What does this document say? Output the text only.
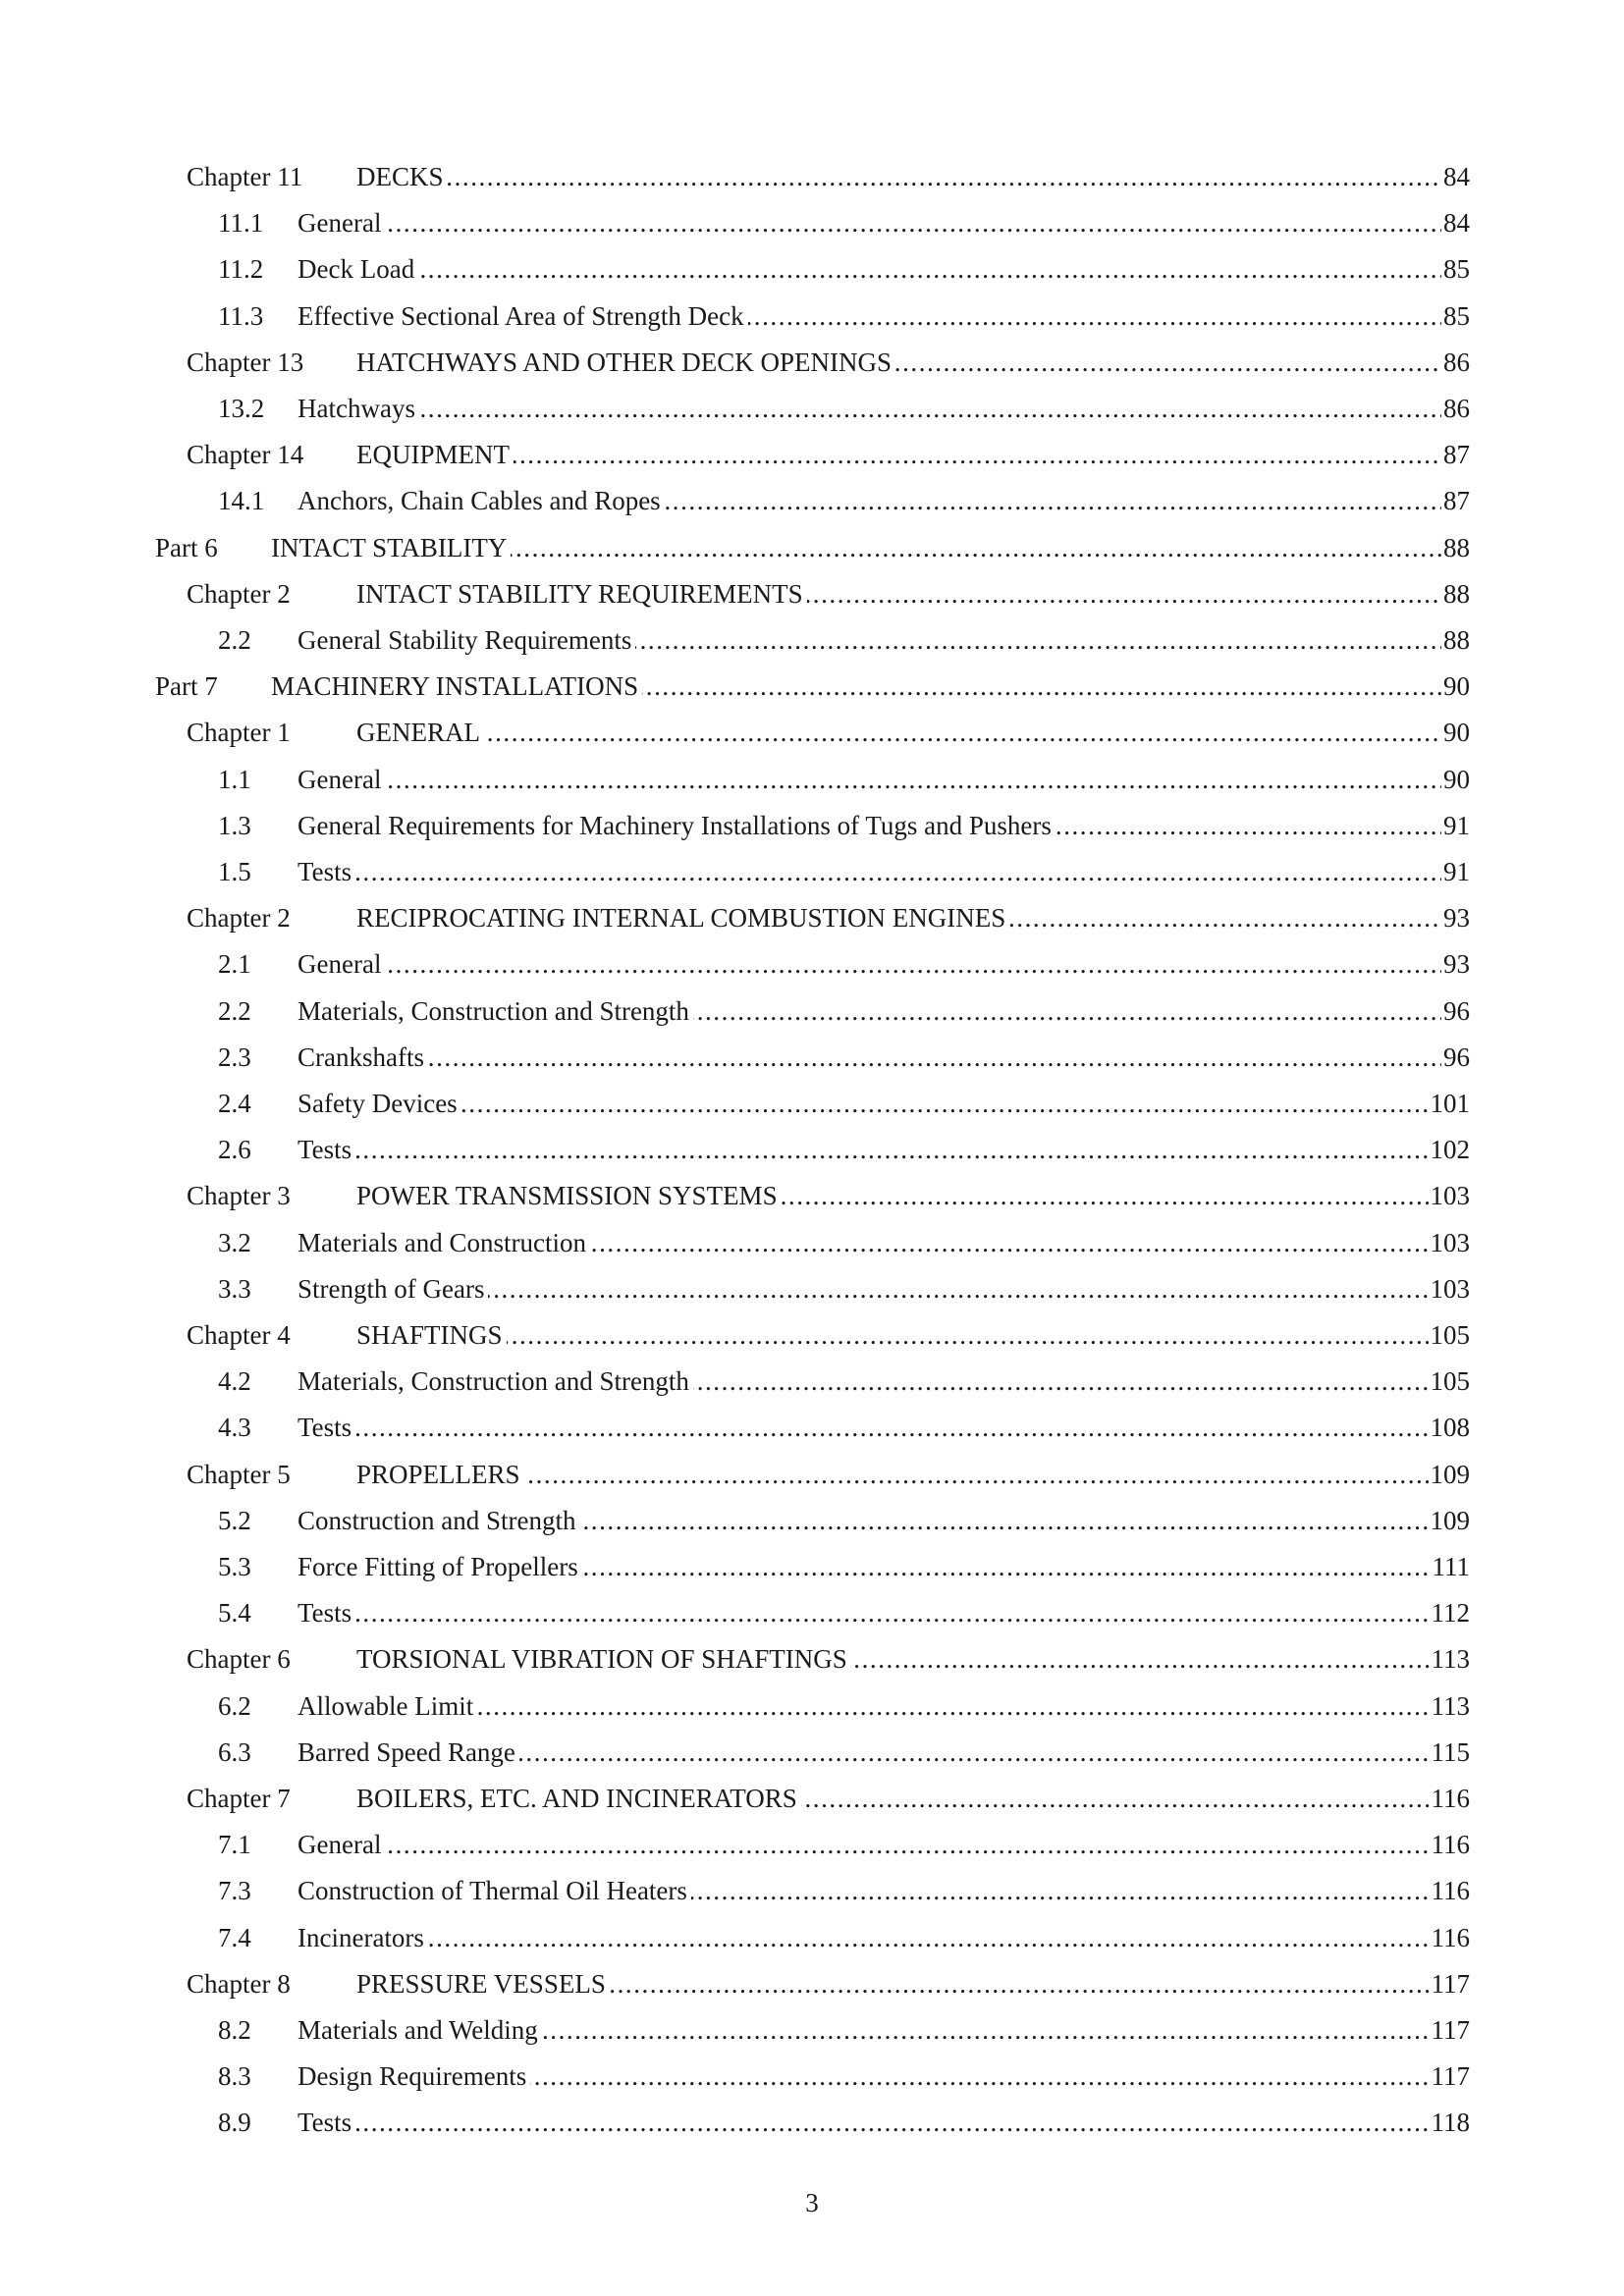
. . .
Chapter 11 DECKS	84
. . .
11.1 General	84
. . .
11.2 Deck Load	85
. . .
11.3 Effective Sectional Area of Strength Deck	85
. . .
Chapter 13 HATCHWAYS AND OTHER DECK OPENINGS	86
. . .
13.2 Hatchways	86
. . .
Chapter 14 EQUIPMENT	87
. . .
14.1 Anchors, Chain Cables and Ropes	87
. . .
Part 6 INTACT STABILITY	88
. . .
Chapter 2 INTACT STABILITY REQUIREMENTS	88
. . .
2.2 General Stability Requirements	88
. . .
Part 7 MACHINERY INSTALLATIONS	90
. . .
Chapter 1 GENERAL	90
. . .
1.1 General	90
. . .
1.3 General Requirements for Machinery Installations of Tugs and Pushers	91
. . .
1.5 Tests	91
. . .
Chapter 2 RECIPROCATING INTERNAL COMBUSTION ENGINES	93
. . .
2.1 General	93
. . .
2.2 Materials, Construction and Strength	96
. . .
2.3 Crankshafts	96
. . .
2.4 Safety Devices	101
. . .
2.6 Tests	102
. . .
Chapter 3 POWER TRANSMISSION SYSTEMS	103
. . .
3.2 Materials and Construction	103
. . .
3.3 Strength of Gears	103
. . .
Chapter 4 SHAFTINGS	105
. . .
4.2 Materials, Construction and Strength	105
. . .
4.3 Tests	108
. . .
Chapter 5 PROPELLERS	109
. . .
5.2 Construction and Strength	109
. . .
5.3 Force Fitting of Propellers	111
. . .
5.4 Tests	112
. . .
Chapter 6 TORSIONAL VIBRATION OF SHAFTINGS	113
. . .
6.2 Allowable Limit	113
. . .
6.3 Barred Speed Range	115
. . .
Chapter 7 BOILERS, ETC. AND INCINERATORS	116
. . .
7.1 General	116
. . .
7.3 Construction of Thermal Oil Heaters	116
. . .
7.4 Incinerators	116
. . .
Chapter 8 PRESSURE VESSELS	117
. . .
8.2 Materials and Welding	117
. . .
8.3 Design Requirements	117
. . .
8.9 Tests	118
3
